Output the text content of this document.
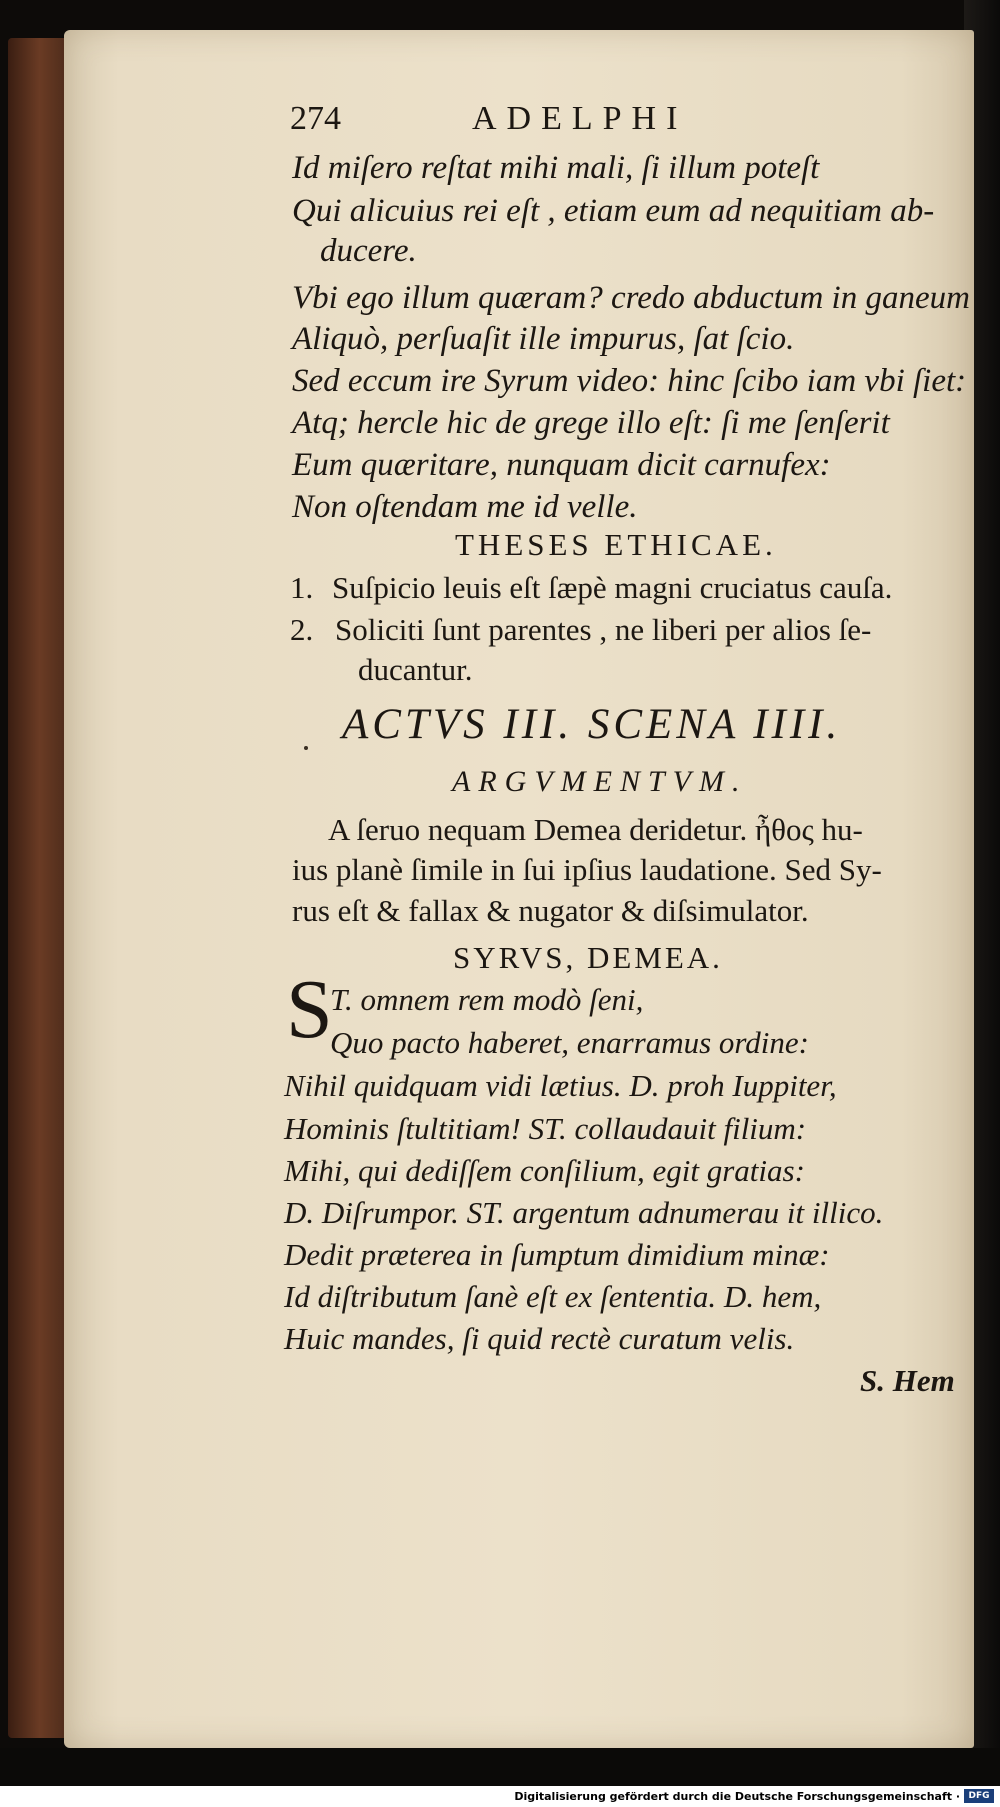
274	ADELPHI
Id miſero reſtat mihi mali, ſi illum poteſt
Qui alicuius rei eſt , etiam eum ad nequitiam ab-
ducere.
Vbi ego illum quæram? credo abductum in ganeum
Aliquò, perſuaſit ille impurus, ſat ſcio.
Sed eccum ire Syrum video: hinc ſcibo iam vbi ſiet:
Atq; hercle hic de grege illo eſt: ſi me ſenſerit
Eum quæritare, nunquam dicit carnufex:
Non oſtendam me id velle.
THESES ETHICAE.
1. Suſpicio leuis eſt ſæpè magni cruciatus cauſa.
2. Soliciti ſunt parentes , ne liberi per alios ſe-
ducantur.
ACTVS III. SCENA IIII.
ARGVMENTVM.
A ſeruo nequam Demea deridetur. ἦθος hu-
ius planè ſimile in ſui ipſius laudatione. Sed Sy-
rus eſt & fallax & nugator & diſsimulator.
SYRVS, DEMEA.
S
T. omnem rem modò ſeni,
Quo pacto haberet, enarramus ordine:
Nihil quidquam vidi lætius. D. proh Iuppiter,
Hominis ſtultitiam! ST. collaudauit filium:
Mihi, qui dediſſem conſilium, egit gratias:
D. Diſrumpor. ST. argentum adnumerau it illico.
Dedit præterea in ſumptum dimidium minæ:
Id diſtributum ſanè eſt ex ſententia. D. hem,
Huic mandes, ſi quid rectè curatum velis.
S. Hem
Digitalisierung gefördert durch die Deutsche Forschungsgemeinschaft · DFG
